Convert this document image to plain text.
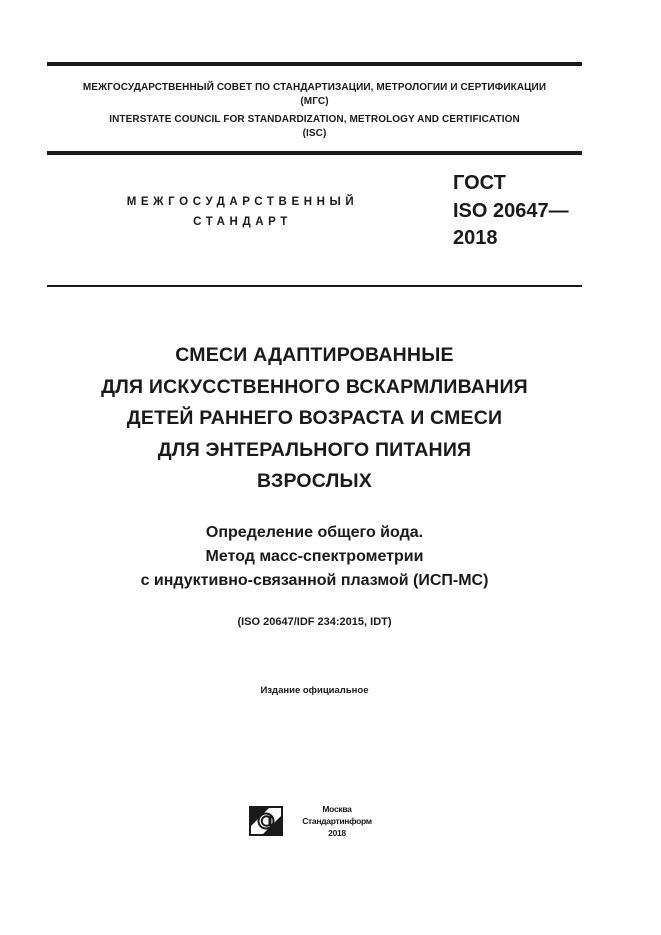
МЕЖГОСУДАРСТВЕННЫЙ СОВЕТ ПО СТАНДАРТИЗАЦИИ, МЕТРОЛОГИИ И СЕРТИФИКАЦИИ
(МГС)
INTERSTATE COUNCIL FOR STANDARDIZATION, METROLOGY AND CERTIFICATION
(ISC)
МЕЖГОСУДАРСТВЕННЫЙ
СТАНДАРТ
ГОСТ
ISO 20647—
2018
СМЕСИ АДАПТИРОВАННЫЕ
ДЛЯ ИСКУССТВЕННОГО ВСКАРМЛИВАНИЯ
ДЕТЕЙ РАННЕГО ВОЗРАСТА И СМЕСИ
ДЛЯ ЭНТЕРАЛЬНОГО ПИТАНИЯ
ВЗРОСЛЫХ
Определение общего йода.
Метод масс-спектрометрии
с индуктивно-связанной плазмой (ИСП-МС)
(ISO 20647/IDF 234:2015, IDT)
Издание официальное
Москва
Стандартинформ
2018
